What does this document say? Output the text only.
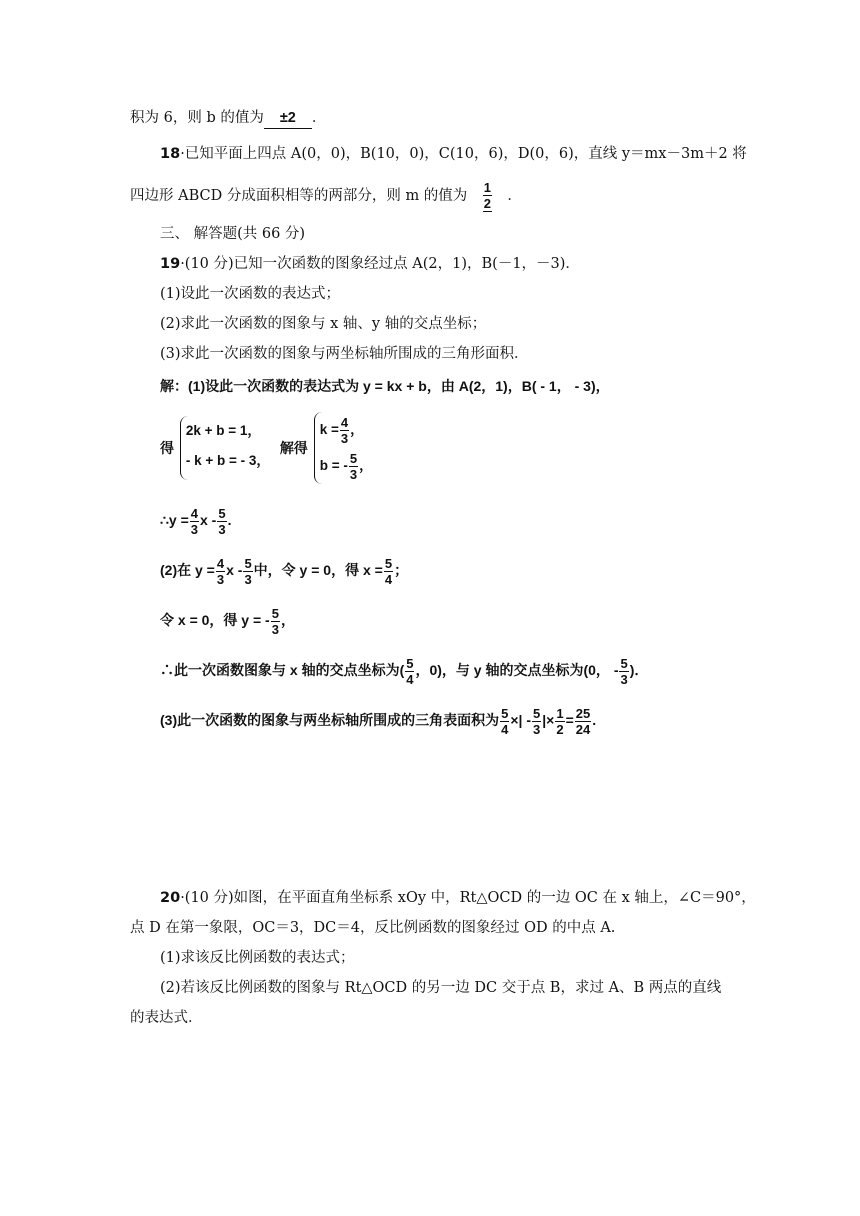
积为 6，则 b 的值为 ±2 ．
18·已知平面上四点 A(0，0)，B(10，0)，C(10，6)，D(0，6)，直线 y＝mx－3m＋2 将
四边形 ABCD 分成面积相等的两部分，则 m 的值为 $\frac{1}{2}$ ．
三、 解答题(共 66 分)
19·(10 分)已知一次函数的图象经过点 A(2，1)，B(－1，－3)．
(1)设此一次函数的表达式；
(2)求此一次函数的图象与 x 轴、y 轴的交点坐标；
(3)求此一次函数的图象与两坐标轴所围成的三角形面积．
解：(1)设此一次函数的表达式为 y = kx + b，由 A(2，1)，B( - 1， - 3)，
得
2k + b = 1，
- k + b = - 3，
解得
$k = \frac{4}{3}$ ，
b = - $\frac{5}{3}$ ，
∴y = $\frac{4}{3}$ x - $\frac{5}{3}$ .
(2)在 $y = \frac{4}{3}$ x - $\frac{5}{3}$ 中，令 y = 0，得 $x = \frac{5}{4}$ ；
令 x = 0，得 y = - $\frac{5}{3}$ ，
∴此一次函数图象与 x 轴的交点坐标为( $\frac{5}{4}$ ，0)，与 y 轴的交点坐标为(0， - $\frac{5}{3}$ )．
(3)此一次函数的图象与两坐标轴所围成的三角表面积为 $\frac{5}{4}$ ×| - $\frac{5}{3}$ |× $\frac{1}{2} = \frac{25}{24}$ .
20·(10 分)如图，在平面直角坐标系 xOy 中，Rt△OCD 的一边 OC 在 x 轴上，∠C＝90°，
点 D 在第一象限，OC＝3，DC＝4，反比例函数的图象经过 OD 的中点 A.
(1)求该反比例函数的表达式；
(2)若该反比例函数的图象与 Rt△OCD 的另一边 DC 交于点 B，求过 A、B 两点的直线
的表达式．
